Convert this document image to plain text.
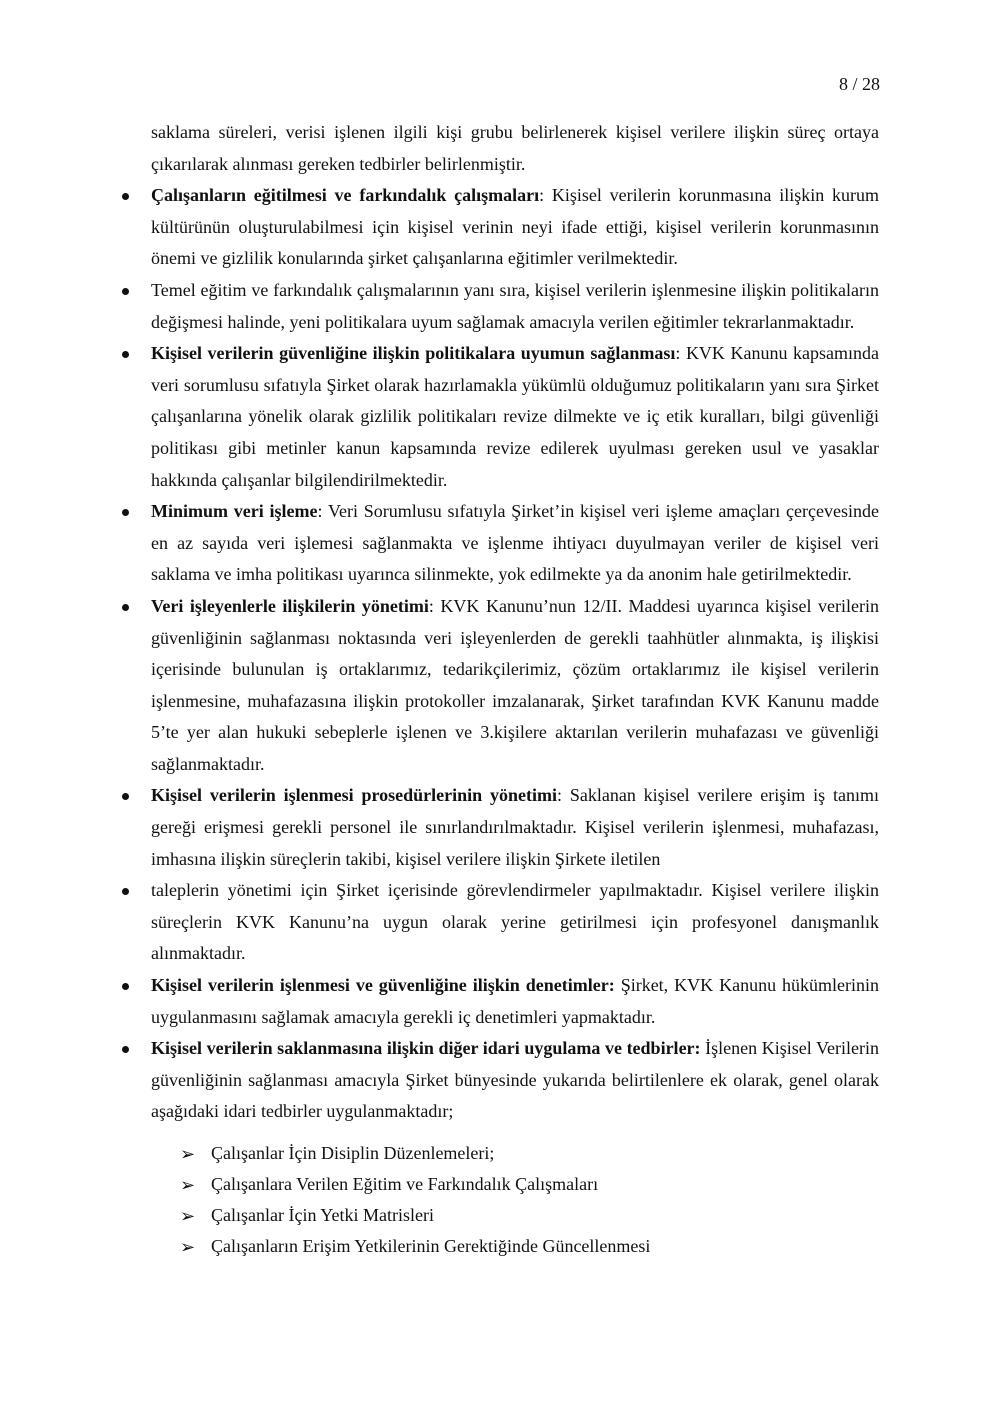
8 / 28

saklama süreleri, verisi işlenen ilgili kişi grubu belirlenerek kişisel verilere ilişkin süreç ortaya çıkarılarak alınması gereken tedbirler belirlenmiştir.

Çalışanların eğitilmesi ve farkındalık çalışmaları: Kişisel verilerin korunmasına ilişkin kurum kültürünün oluşturulabilmesi için kişisel verinin neyi ifade ettiği, kişisel verilerin korunmasının önemi ve gizlilik konularında şirket çalışanlarına eğitimler verilmektedir.
Temel eğitim ve farkındalık çalışmalarının yanı sıra, kişisel verilerin işlenmesine ilişkin politikaların değişmesi halinde, yeni politikalara uyum sağlamak amacıyla verilen eğitimler tekrarlanmaktadır.
Kişisel verilerin güvenliğine ilişkin politikalara uyumun sağlanması: KVK Kanunu kapsamında veri sorumlusu sıfatıyla Şirket olarak hazırlamakla yükümlü olduğumuz politikaların yanı sıra Şirket çalışanlarına yönelik olarak gizlilik politikaları revize dilmekte ve iç etik kuralları, bilgi güvenliği politikası gibi metinler kanun kapsamında revize edilerek uyulması gereken usul ve yasaklar hakkında çalışanlar bilgilendirilmektedir.
Minimum veri işleme: Veri Sorumlusu sıfatıyla Şirket’in kişisel veri işleme amaçları çerçevesinde en az sayıda veri işlemesi sağlanmakta ve işlenme ihtiyacı duyulmayan veriler de kişisel veri saklama ve imha politikası uyarınca silinmekte, yok edilmekte ya da anonim hale getirilmektedir.
Veri işleyenlerle ilişkilerin yönetimi: KVK Kanunu’nun 12/II. Maddesi uyarınca kişisel verilerin güvenliğinin sağlanması noktasında veri işleyenlerden de gerekli taahhütler alınmakta, iş ilişkisi içerisinde bulunulan iş ortaklarımız, tedarikçilerimiz, çözüm ortaklarımız ile kişisel verilerin işlenmesine, muhafazasına ilişkin protokoller imzalanarak, Şirket tarafından KVK Kanunu madde 5’te yer alan hukuki sebeplerle işlenen ve 3.kişilere aktarılan verilerin muhafazası ve güvenliği sağlanmaktadır.
Kişisel verilerin işlenmesi prosedürlerinin yönetimi: Saklanan kişisel verilere erişim iş tanımı gereği erişmesi gerekli personel ile sınırlandırılmaktadır. Kişisel verilerin işlenmesi, muhafazası, imhasına ilişkin süreçlerin takibi, kişisel verilere ilişkin Şirkete iletilen
taleplerin yönetimi için Şirket içerisinde görevlendirmeler yapılmaktadır. Kişisel verilere ilişkin süreçlerin KVK Kanunu’na uygun olarak yerine getirilmesi için profesyonel danışmanlık alınmaktadır.
Kişisel verilerin işlenmesi ve güvenliğine ilişkin denetimler: Şirket, KVK Kanunu hükümlerinin uygulanmasını sağlamak amacıyla gerekli iç denetimleri yapmaktadır.
Kişisel verilerin saklanmasına ilişkin diğer idari uygulama ve tedbirler: İşlenen Kişisel Verilerin güvenliğinin sağlanması amacıyla Şirket bünyesinde yukarıda belirtilenlere ek olarak, genel olarak aşağıdaki idari tedbirler uygulanmaktadır;
➢ Çalışanlar İçin Disiplin Düzenlemeleri;
➢ Çalışanlara Verilen Eğitim ve Farkındalık Çalışmaları
➢ Çalışanlar İçin Yetki Matrisleri
➢ Çalışanların Erişim Yetkilerinin Gerektiğinde Güncellenmesi
